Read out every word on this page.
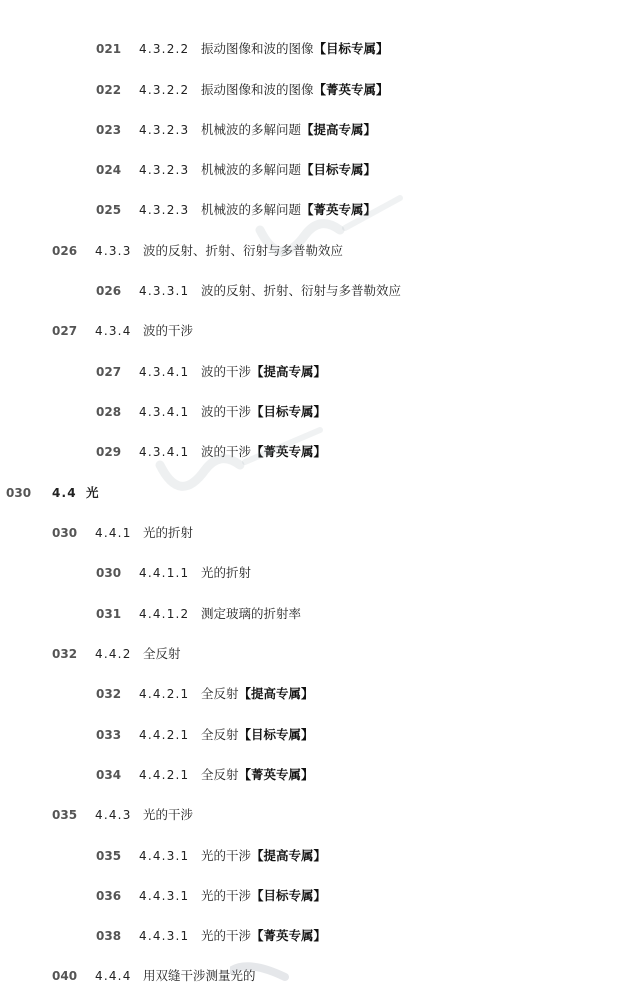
021 4.3.2.2 振动图像和波的图像【目标专属】
022 4.3.2.2 振动图像和波的图像【菁英专属】
023 4.3.2.3 机械波的多解问题【提高专属】
024 4.3.2.3 机械波的多解问题【目标专属】
025 4.3.2.3 机械波的多解问题【菁英专属】
026 4.3.3 波的反射、折射、衍射与多普勒效应
026 4.3.3.1 波的反射、折射、衍射与多普勒效应
027 4.3.4 波的干涉
027 4.3.4.1 波的干涉【提高专属】
028 4.3.4.1 波的干涉【目标专属】
029 4.3.4.1 波的干涉【菁英专属】
030 4.4 光
030 4.4.1 光的折射
030 4.4.1.1 光的折射
031 4.4.1.2 测定玻璃的折射率
032 4.4.2 全反射
032 4.4.2.1 全反射【提高专属】
033 4.4.2.1 全反射【目标专属】
034 4.4.2.1 全反射【菁英专属】
035 4.4.3 光的干涉
035 4.4.3.1 光的干涉【提高专属】
036 4.4.3.1 光的干涉【目标专属】
038 4.4.3.1 光的干涉【菁英专属】
040 4.4.4 用双缝干涉测量光的
